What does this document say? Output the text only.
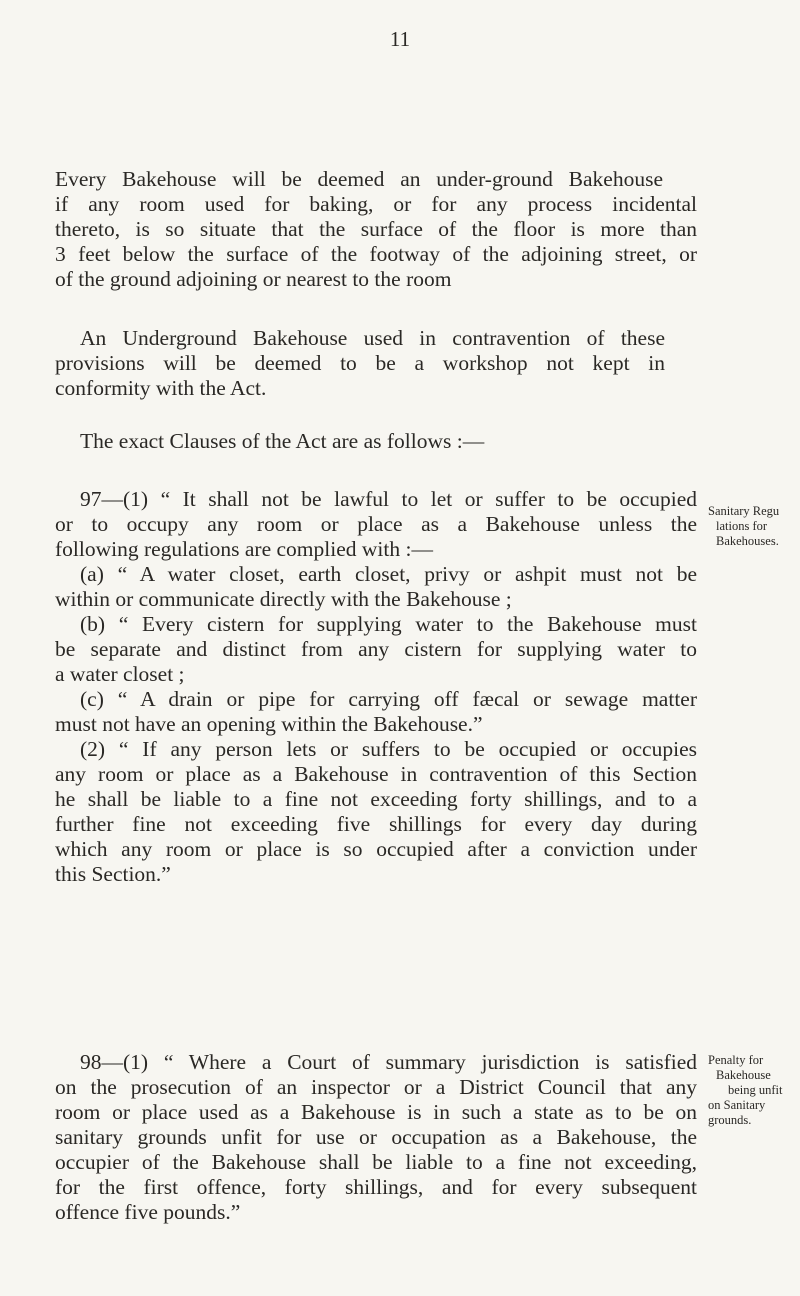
11
Every Bakehouse will be deemed an under-ground Bakehouse
if any room used for baking, or for any process incidental
thereto, is so situate that the surface of the floor is more than
3 feet below the surface of the footway of the adjoining street, or
of the ground adjoining or nearest to the room
An Underground Bakehouse used in contravention of these
provisions will be deemed to be a workshop not kept in
conformity with the Act.
The exact Clauses of the Act are as follows :—
97—(1) “ It shall not be lawful to let or suffer to be occupied
or to occupy any room or place as a Bakehouse unless the
following regulations are complied with :—
(a) “ A water closet, earth closet, privy or ashpit must not be
within or communicate directly with the Bakehouse ;
(b) “ Every cistern for supplying water to the Bakehouse must
be separate and distinct from any cistern for supplying water to
a water closet ;
(c) “ A drain or pipe for carrying off fæcal or sewage matter
must not have an opening within the Bakehouse.”
(2) “ If any person lets or suffers to be occupied or occupies
any room or place as a Bakehouse in contravention of this Section
he shall be liable to a fine not exceeding forty shillings, and to a
further fine not exceeding five shillings for every day during
which any room or place is so occupied after a conviction under
this Section.”
Sanitary Regu
lations for
Bakehouses.
98—(1) “ Where a Court of summary jurisdiction is satisfied
on the prosecution of an inspector or a District Council that any
room or place used as a Bakehouse is in such a state as to be on
sanitary grounds unfit for use or occupation as a Bakehouse, the
occupier of the Bakehouse shall be liable to a fine not exceeding,
for the first offence, forty shillings, and for every subsequent
offence five pounds.”
Penalty for
Bakehouse
being unfit
on Sanitary
grounds.
